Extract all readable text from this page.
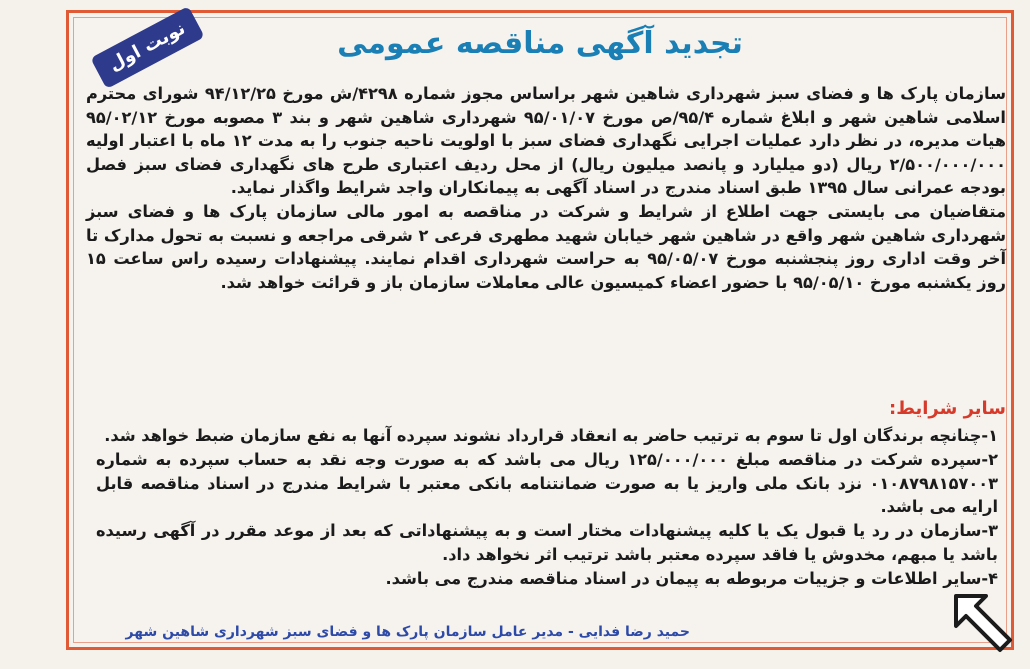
نوبت اول	تجدید آگهی مناقصه عمومی

سازمان پارک ها و فضای سبز شهرداری شاهین شهر براساس مجوز شماره ۴۲۹۸/ش مورخ ۹۴/۱۲/۲۵ شورای محترم اسلامی شاهین شهر و ابلاغ شماره ۹۵/۴/ص مورخ ۹۵/۰۱/۰۷ شهرداری شاهین شهر و بند ۳ مصوبه مورخ ۹۵/۰۲/۱۲ هیات مدیره، در نظر دارد عملیات اجرایی نگهداری فضای سبز با اولویت ناحیه جنوب را به مدت ۱۲ ماه با اعتبار اولیه ۲/۵۰۰/۰۰۰/۰۰۰ ریال (دو میلیارد و پانصد میلیون ریال) از محل ردیف اعتباری طرح های نگهداری فضای سبز فصل بودجه عمرانی سال ۱۳۹۵ طبق اسناد مندرج در اسناد آگهی به پیمانکاران واجد شرایط واگذار نماید.

متقاضیان می بایستی جهت اطلاع از شرایط و شرکت در مناقصه به امور مالی سازمان پارک ها و فضای سبز شهرداری شاهین شهر واقع در شاهین شهر خیابان شهید مطهری فرعی ۲ شرقی مراجعه و نسبت به تحول مدارک تا آخر وقت اداری روز پنجشنبه مورخ ۹۵/۰۵/۰۷ به حراست شهرداری اقدام نمایند. پیشنهادات رسیده راس ساعت ۱۵ روز یکشنبه مورخ ۹۵/۰۵/۱۰ با حضور اعضاء کمیسیون عالی معاملات سازمان باز و قرائت خواهد شد.

سایر شرایط:

۱-چنانچه برندگان اول تا سوم به ترتیب حاضر به انعقاد قرارداد نشوند سپرده آنها به نفع سازمان ضبط خواهد شد.

۲-سپرده شرکت در مناقصه مبلغ ۱۲۵/۰۰۰/۰۰۰ ریال می باشد که به صورت وجه نقد به حساب سپرده به شماره ۰۱۰۸۷۹۸۱۵۷۰۰۳ نزد بانک ملی واریز یا به صورت ضمانتنامه بانکی معتبر با شرایط مندرج در اسناد مناقصه قابل ارایه می باشد.

۳-سازمان در رد یا قبول یک یا کلیه پیشنهادات مختار است و به پیشنهاداتی که بعد از موعد مقرر در آگهی رسیده باشد یا مبهم، مخدوش یا فاقد سپرده معتبر باشد ترتیب اثر نخواهد داد.

۴-سایر اطلاعات و جزییات مربوطه به پیمان در اسناد مناقصه مندرج می باشد.

حمید رضا فدایی - مدیر عامل سازمان پارک ها و فضای سبز شهرداری شاهین شهر
